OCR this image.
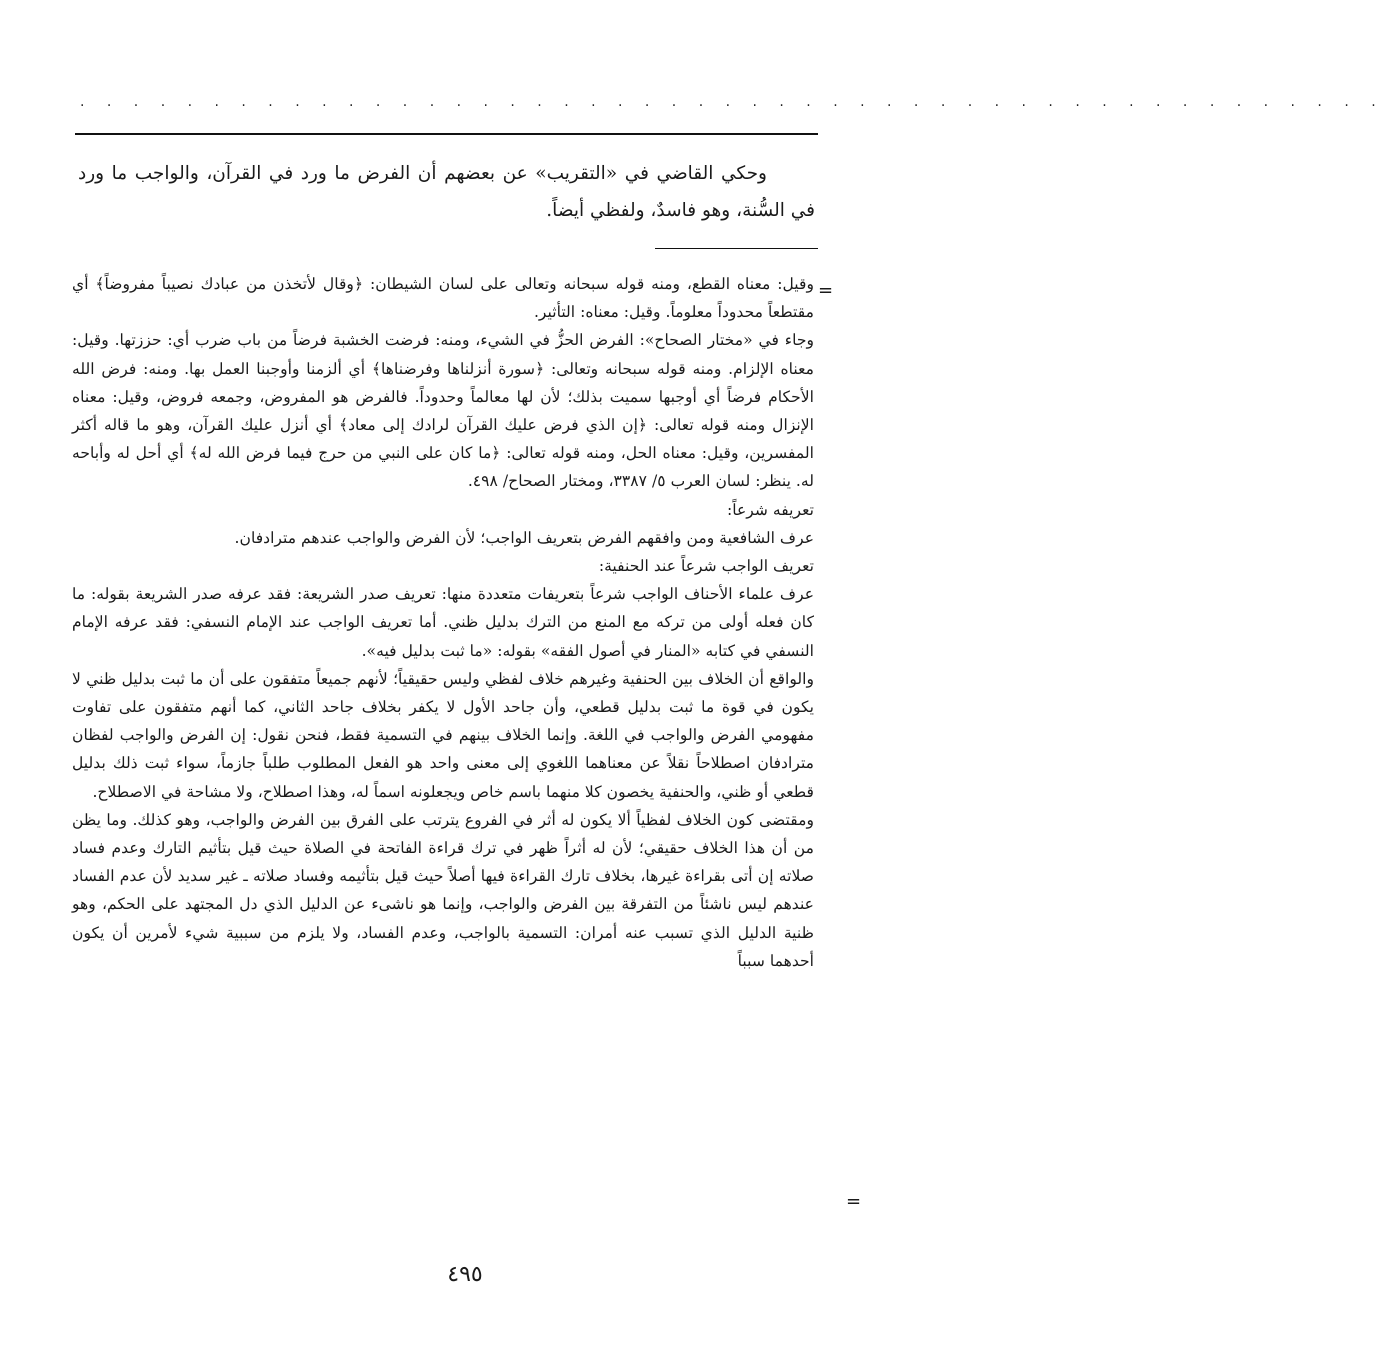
. . . . . . . . . . . . . . . . . . . . . . . . . . . . . . . . . . . . . . . . . . . . . . . . .

وحكي القاضي في «التقريب» عن بعضهم أن الفرض ما ورد في القرآن، والواجب ما ورد في السُّنة، وهو فاسدٌ، ولفظي أيضاً.

=

وقيل: معناه القطع، ومنه قوله سبحانه وتعالى على لسان الشيطان: ﴿وقال لأتخذن من عبادك نصيباً مفروضاً﴾ أي مقتطعاً محدوداً معلوماً. وقيل: معناه: التأثير.

وجاء في «مختار الصحاح»: الفرض الحزُّ في الشيء، ومنه: فرضت الخشبة فرضاً من باب ضرب أي: حززتها. وقيل: معناه الإلزام. ومنه قوله سبحانه وتعالى: ﴿سورة أنزلناها وفرضناها﴾ أي ألزمنا وأوجبنا العمل بها. ومنه: فرض الله الأحكام فرضاً أي أوجبها سميت بذلك؛ لأن لها معالماً وحدوداً. فالفرض هو المفروض، وجمعه فروض، وقيل: معناه الإنزال ومنه قوله تعالى: ﴿إن الذي فرض عليك القرآن لرادك إلى معاد﴾ أي أنزل عليك القرآن، وهو ما قاله أكثر المفسرين، وقيل: معناه الحل، ومنه قوله تعالى: ﴿ما كان على النبي من حرج فيما فرض الله له﴾ أي أحل له وأباحه له. ينظر: لسان العرب ٥/ ٣٣٨٧، ومختار الصحاح/ ٤٩٨.

تعريفه شرعاً:

عرف الشافعية ومن وافقهم الفرض بتعريف الواجب؛ لأن الفرض والواجب عندهم مترادفان.

تعريف الواجب شرعاً عند الحنفية:

عرف علماء الأحناف الواجب شرعاً بتعريفات متعددة منها: تعريف صدر الشريعة: فقد عرفه صدر الشريعة بقوله: ما كان فعله أولى من تركه مع المنع من الترك بدليل ظني. أما تعريف الواجب عند الإمام النسفي: فقد عرفه الإمام النسفي في كتابه «المنار في أصول الفقه» بقوله: «ما ثبت بدليل فيه».

والواقع أن الخلاف بين الحنفية وغيرهم خلاف لفظي وليس حقيقياً؛ لأنهم جميعاً متفقون على أن ما ثبت بدليل ظني لا يكون في قوة ما ثبت بدليل قطعي، وأن جاحد الأول لا يكفر بخلاف جاحد الثاني، كما أنهم متفقون على تفاوت مفهومي الفرض والواجب في اللغة. وإنما الخلاف بينهم في التسمية فقط، فنحن نقول: إن الفرض والواجب لفظان مترادفان اصطلاحاً نقلاً عن معناهما اللغوي إلى معنى واحد هو الفعل المطلوب طلباً جازماً، سواء ثبت ذلك بدليل قطعي أو ظني، والحنفية يخصون كلا منهما باسم خاص ويجعلونه اسماً له، وهذا اصطلاح، ولا مشاحة في الاصطلاح.

ومقتضى كون الخلاف لفظياً ألا يكون له أثر في الفروع يترتب على الفرق بين الفرض والواجب، وهو كذلك. وما يظن من أن هذا الخلاف حقيقي؛ لأن له أثراً ظهر في ترك قراءة الفاتحة في الصلاة حيث قيل بتأثيم التارك وعدم فساد صلاته إن أتى بقراءة غيرها، بخلاف تارك القراءة فيها أصلاً حيث قيل بتأثيمه وفساد صلاته ـ غير سديد لأن عدم الفساد عندهم ليس ناشئاً من التفرقة بين الفرض والواجب، وإنما هو ناشىء عن الدليل الذي دل المجتهد على الحكم، وهو ظنية الدليل الذي تسبب عنه أمران: التسمية بالواجب، وعدم الفساد، ولا يلزم من سببية شيء لأمرين أن يكون أحدهما سبباً

=
٤٩٥
